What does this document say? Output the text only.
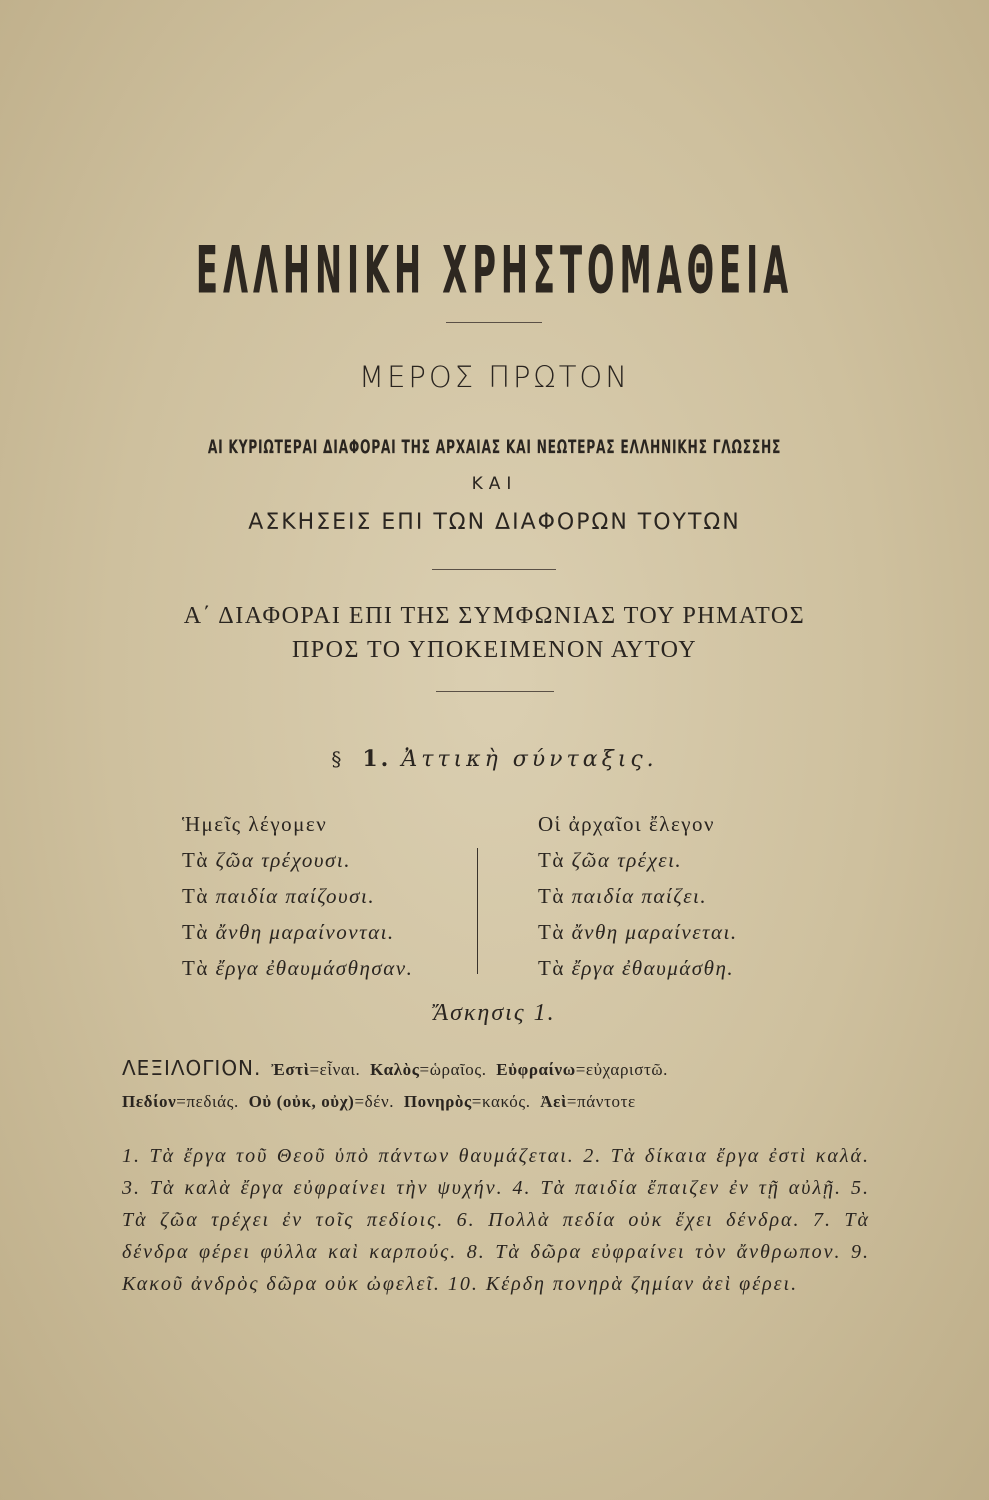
ΕΛΛΗΝΙΚΗ ΧΡΗΣΤΟΜΑΘΕΙΑ
ΜΕΡΟΣ ΠΡΩΤΟΝ
ΑΙ ΚΥΡΙΩΤΕΡΑΙ ΔΙΑΦΟΡΑΙ ΤΗΣ ΑΡΧΑΙΑΣ ΚΑΙ ΝΕΩΤΕΡΑΣ ΕΛΛΗΝΙΚΗΣ ΓΛΩΣΣΗΣ
ΚΑΙ
ΑΣΚΗΣΕΙΣ ΕΠΙ ΤΩΝ ΔΙΑΦΟΡΩΝ ΤΟΥΤΩΝ
Α΄ ΔΙΑΦΟΡΑΙ ΕΠΙ ΤΗΣ ΣΥΜΦΩΝΙΑΣ ΤΟΥ ΡΗΜΑΤΟΣ
ΠΡΟΣ ΤΟ ΥΠΟΚΕΙΜΕΝΟΝ ΑΥΤΟΥ
§ 1. Ἀττικὴ σύνταξις.
Ἡμεῖς λέγομεν
Τὰ ζῶα τρέχουσι.
Τὰ παιδία παίζουσι.
Τὰ ἄνθη μαραίνονται.
Τὰ ἔργα ἐθαυμάσθησαν.
Οἱ ἀρχαῖοι ἔλεγον
Τὰ ζῶα τρέχει.
Τὰ παιδία παίζει.
Τὰ ἄνθη μαραίνεται.
Τὰ ἔργα ἐθαυμάσθη.
Ἄσκησις 1.
ΛΕΞΙΛΟΓΙΟΝ. Ἐστὶ=εἶναι. Καλὸς=ὡραῖος. Εὐφραίνω=εὐχαριστῶ.
Πεδίον=πεδιάς. Οὐ (οὐκ, οὐχ)=δέν. Πονηρὸς=κακός. Ἀεὶ=πάντοτε

1. Τὰ ἔργα τοῦ Θεοῦ ὑπὸ πάντων θαυμάζεται. 2. Τὰ δίκαια ἔργα ἐστὶ καλά. 3. Τὰ καλὰ ἔργα εὐφραίνει τὴν ψυχήν. 4. Τὰ παιδία ἔπαιζεν ἐν τῇ αὐλῇ. 5. Τὰ ζῶα τρέχει ἐν τοῖς πεδίοις. 6. Πολλὰ πεδία οὐκ ἔχει δένδρα. 7. Τὰ δένδρα φέρει φύλλα καὶ καρπούς. 8. Τὰ δῶρα εὐφραίνει τὸν ἄνθρωπον. 9. Κακοῦ ἀνδρὸς δῶρα οὐκ ὠφελεῖ. 10. Κέρδη πονηρὰ ζημίαν ἀεὶ φέρει.
